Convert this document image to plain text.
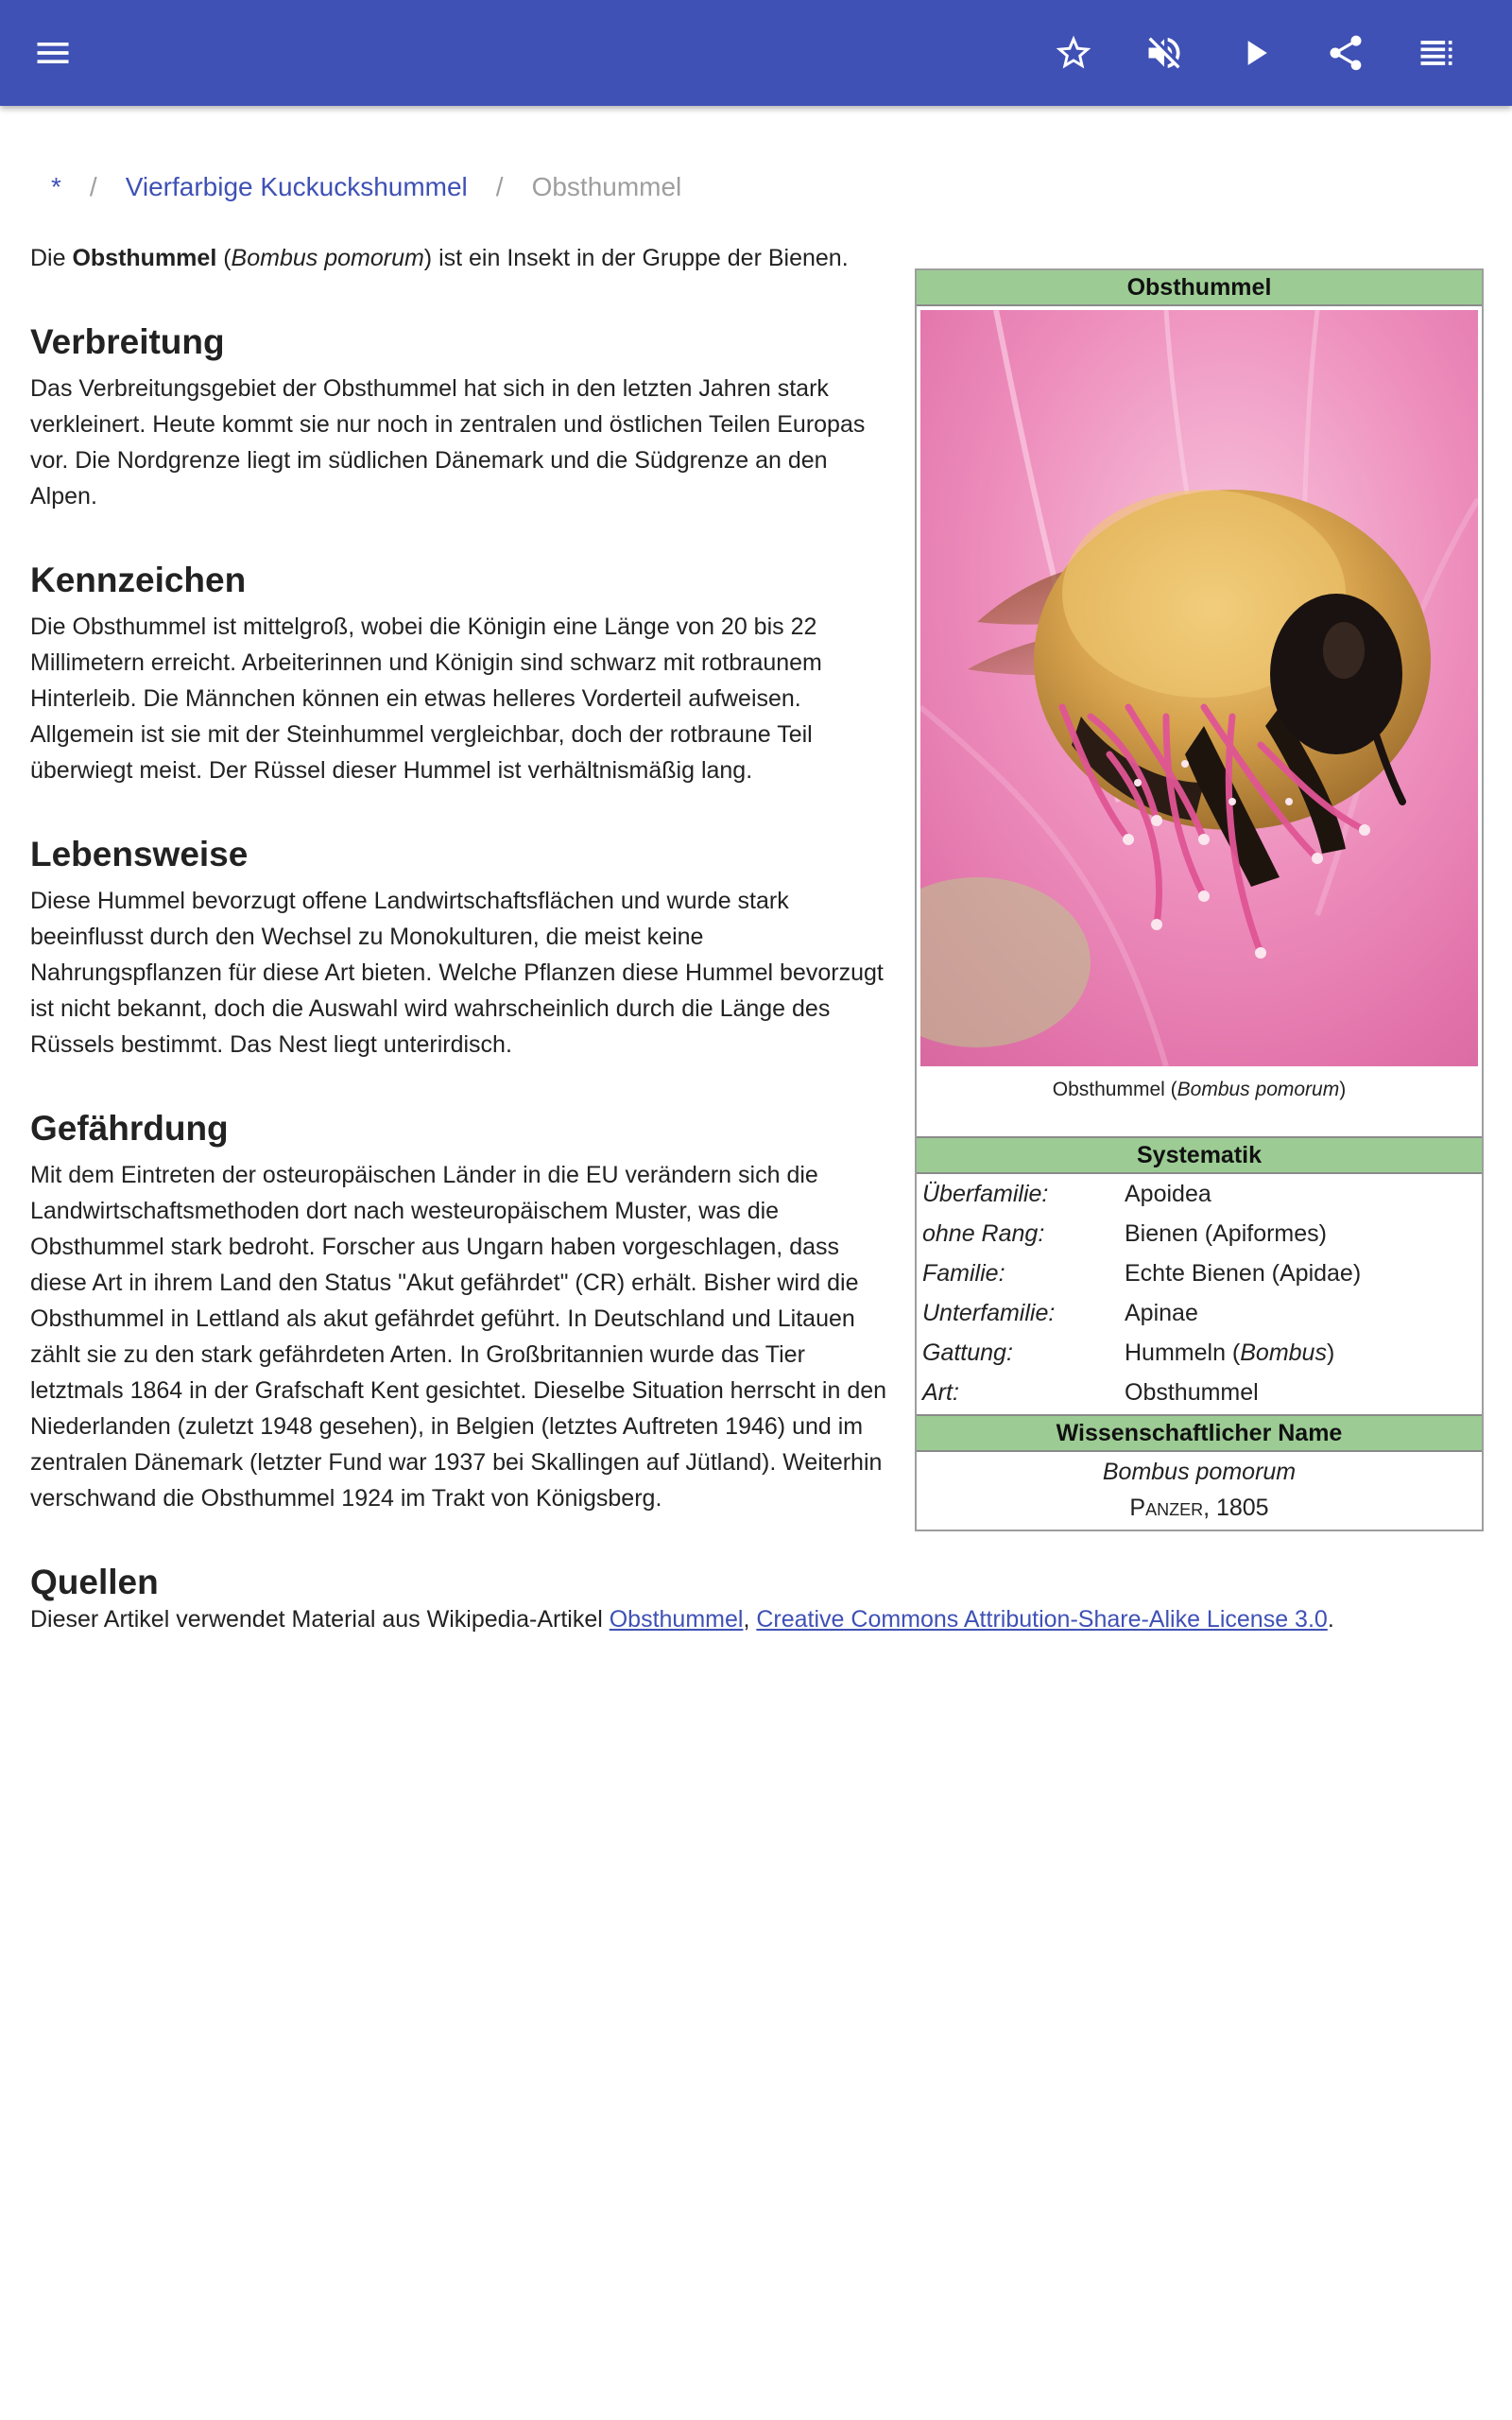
* / Vierfarbige Kuckuckshummel / Obsthummel

Die Obsthummel (Bombus pomorum) ist ein Insekt in der Gruppe der Bienen.

Verbreitung

Das Verbreitungsgebiet der Obsthummel hat sich in den letzten Jahren stark verkleinert. Heute kommt sie nur noch in zentralen und östlichen Teilen Europas vor. Die Nordgrenze liegt im südlichen Dänemark und die Südgrenze an den Alpen.

Kennzeichen

Die Obsthummel ist mittelgroß, wobei die Königin eine Länge von 20 bis 22 Millimetern erreicht. Arbeiterinnen und Königin sind schwarz mit rotbraunem Hinterleib. Die Männchen können ein etwas helleres Vorderteil aufweisen. Allgemein ist sie mit der Steinhummel vergleichbar, doch der rotbraune Teil überwiegt meist. Der Rüssel dieser Hummel ist verhältnismäßig lang.

Lebensweise

Diese Hummel bevorzugt offene Landwirtschaftsflächen und wurde stark beeinflusst durch den Wechsel zu Monokulturen, die meist keine Nahrungspflanzen für diese Art bieten. Welche Pflanzen diese Hummel bevorzugt ist nicht bekannt, doch die Auswahl wird wahrscheinlich durch die Länge des Rüssels bestimmt. Das Nest liegt unterirdisch.

Gefährdung

Mit dem Eintreten der osteuropäischen Länder in die EU verändern sich die Landwirtschaftsmethoden dort nach westeuropäischem Muster, was die Obsthummel stark bedroht. Forscher aus Ungarn haben vorgeschlagen, dass diese Art in ihrem Land den Status "Akut gefährdet" (CR) erhält. Bisher wird die Obsthummel in Lettland als akut gefährdet geführt. In Deutschland und Litauen zählt sie zu den stark gefährdeten Arten. In Großbritannien wurde das Tier letztmals 1864 in der Grafschaft Kent gesichtet. Dieselbe Situation herrscht in den Niederlanden (zuletzt 1948 gesehen), in Belgien (letztes Auftreten 1946) und im zentralen Dänemark (letzter Fund war 1937 bei Skallingen auf Jütland). Weiterhin verschwand die Obsthummel 1924 im Trakt von Königsberg.

Quellen
Dieser Artikel verwendet Material aus Wikipedia-Artikel Obsthummel, Creative Commons Attribution-Share-Alike License 3.0.
Obsthummel
Obsthummel (Bombus pomorum)
Systematik
Überfamilie:	Apoidea
ohne Rang:	Bienen (Apiformes)
Familie:	Echte Bienen (Apidae)
Unterfamilie:	Apinae
Gattung:	Hummeln (Bombus)
Art:	Obsthummel
Wissenschaftlicher Name
Bombus pomorum
Panzer, 1805
